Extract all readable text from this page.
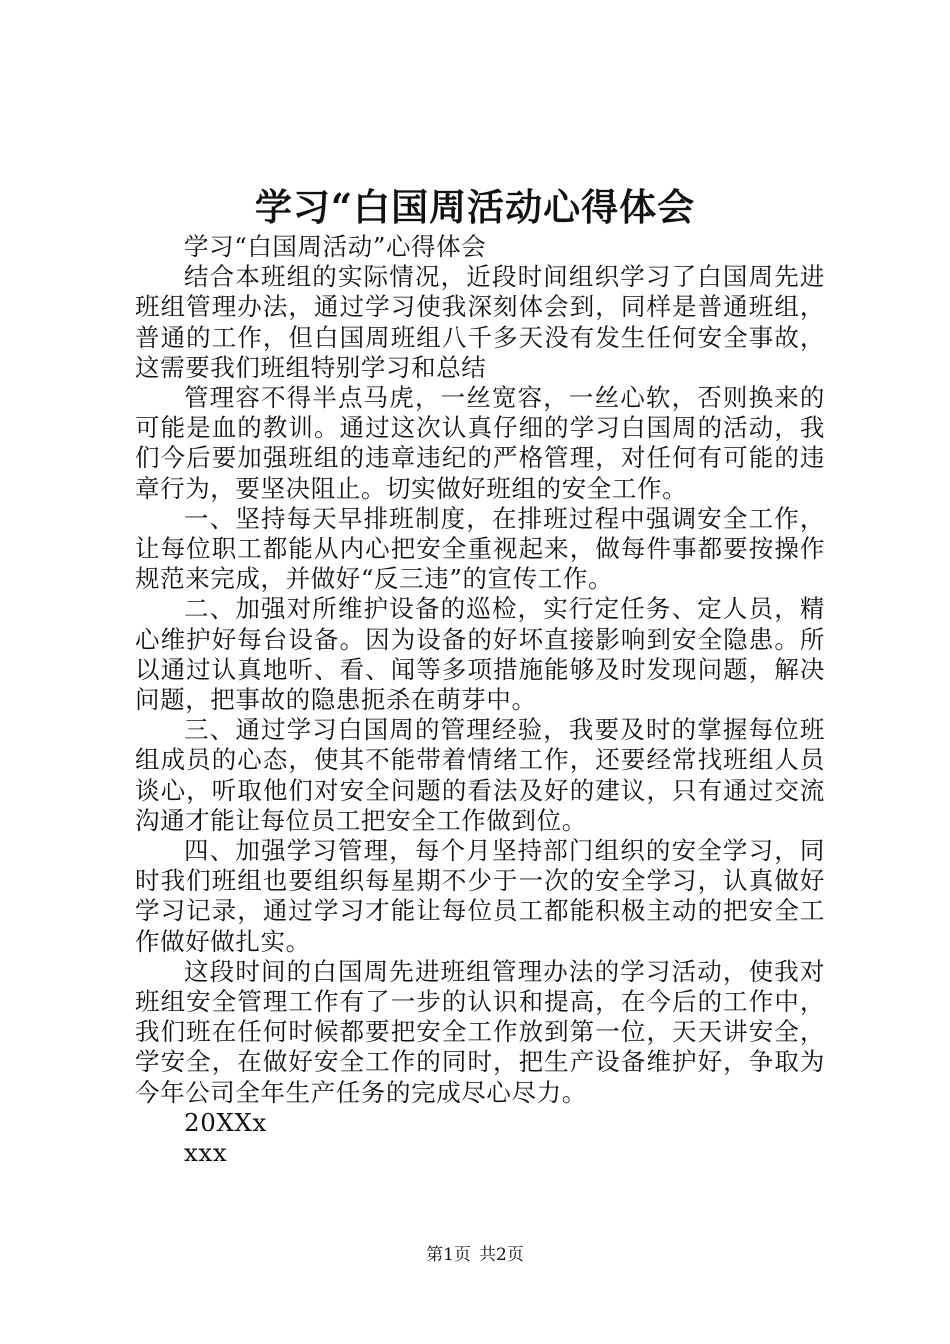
学习“白国周活动心得体会

学习“白国周活动”心得体会

结合本班组的实际情况，近段时间组织学习了白国周先进班组管理办法，通过学习使我深刻体会到，同样是普通班组，普通的工作，但白国周班组八千多天没有发生任何安全事故，这需要我们班组特别学习和总结

管理容不得半点马虎，一丝宽容，一丝心软，否则换来的可能是血的教训。通过这次认真仔细的学习白国周的活动，我们今后要加强班组的违章违纪的严格管理，对任何有可能的违章行为，要坚决阻止。切实做好班组的安全工作。

一、坚持每天早排班制度，在排班过程中强调安全工作，让每位职工都能从内心把安全重视起来，做每件事都要按操作规范来完成，并做好“反三违”的宣传工作。

二、加强对所维护设备的巡检，实行定任务、定人员，精心维护好每台设备。因为设备的好坏直接影响到安全隐患。所以通过认真地听、看、闻等多项措施能够及时发现问题，解决问题，把事故的隐患扼杀在萌芽中。

三、通过学习白国周的管理经验，我要及时的掌握每位班组成员的心态，使其不能带着情绪工作，还要经常找班组人员谈心，听取他们对安全问题的看法及好的建议，只有通过交流沟通才能让每位员工把安全工作做到位。

四、加强学习管理，每个月坚持部门组织的安全学习，同时我们班组也要组织每星期不少于一次的安全学习，认真做好学习记录，通过学习才能让每位员工都能积极主动的把安全工作做好做扎实。

这段时间的白国周先进班组管理办法的学习活动，使我对班组安全管理工作有了一步的认识和提高，在今后的工作中，我们班在任何时候都要把安全工作放到第一位，天天讲安全，学安全，在做好安全工作的同时，把生产设备维护好，争取为今年公司全年生产任务的完成尽心尽力。

20XXx

xxx

第1页 共2页
